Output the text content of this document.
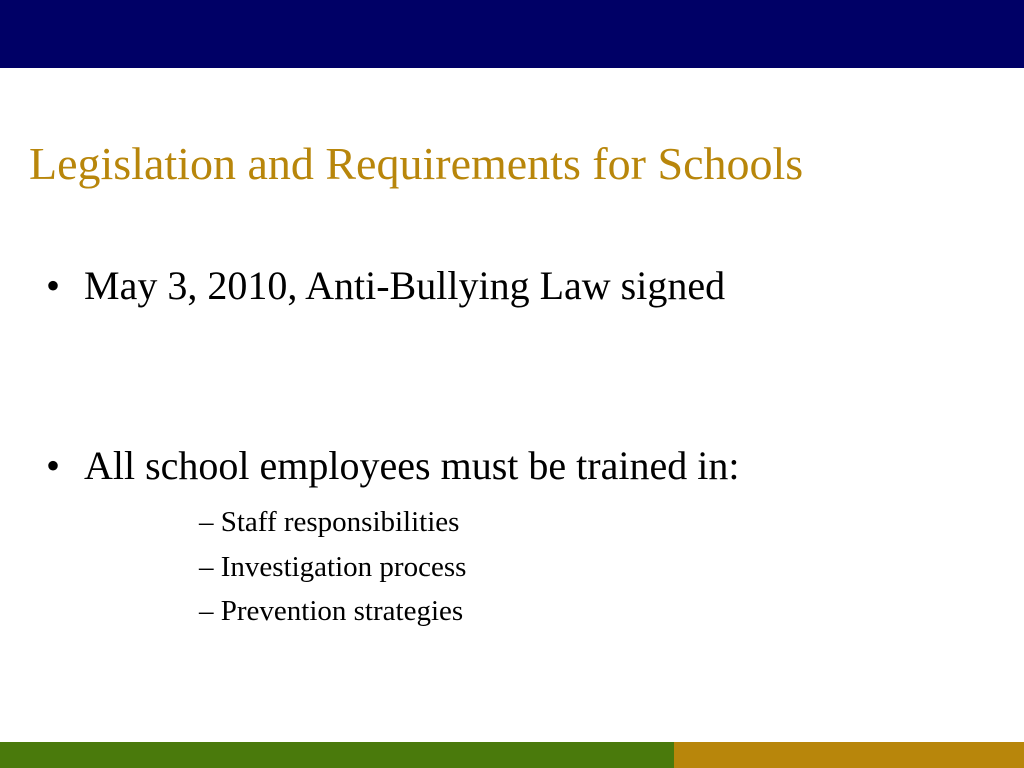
Legislation and Requirements for Schools

• May 3, 2010, Anti-Bullying Law signed

• All school employees must be trained in:

– Staff responsibilities
– Investigation process
– Prevention strategies
